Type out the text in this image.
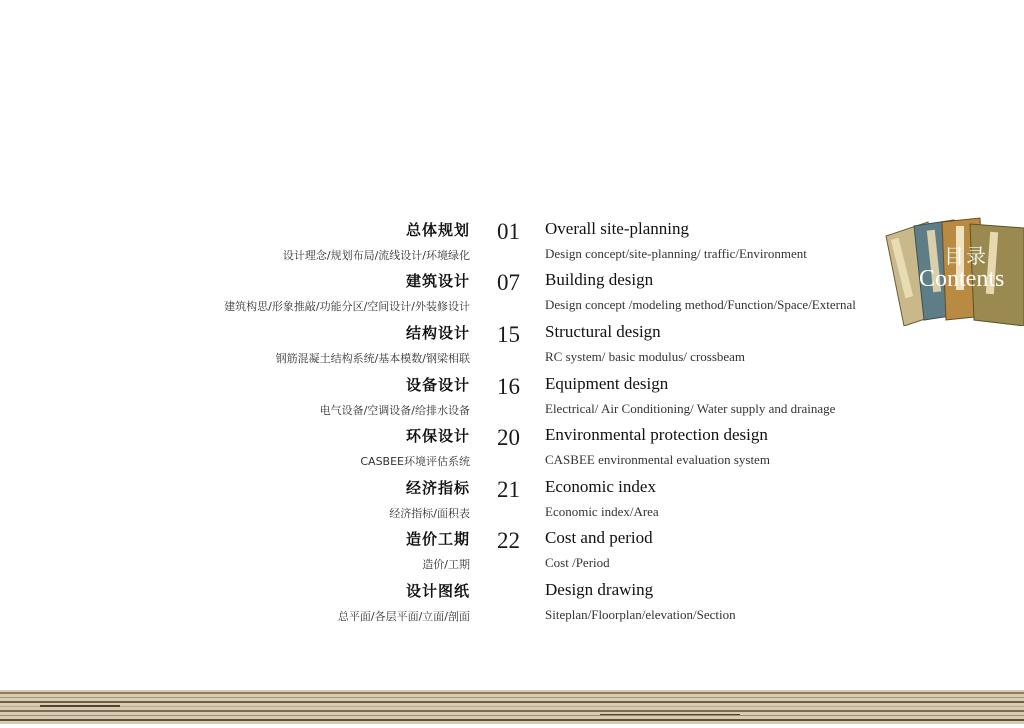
总体规划
设计理念/规划布局/流线设计/环境绿化
01 Overall site-planning
Design concept/site-planning/ traffic/Environment
建筑设计
建筑构思/形象推敲/功能分区/空间设计/外装修设计
07 Building design
Design concept /modeling method/Function/Space/External
结构设计
钢筋混凝土结构系统/基本模数/钢梁相联
15 Structural design
RC system/ basic modulus/ crossbeam
设备设计
电气设备/空调设备/给排水设备
16 Equipment design
Electrical/ Air Conditioning/ Water supply and drainage
环保设计
CASBEE环境评估系统
20 Environmental protection design
CASBEE environmental evaluation system
经济指标
经济指标/面积表
21 Economic index
Economic index/Area
造价工期
造价/工期
22 Cost and period
Cost /Period
设计图纸
总平面/各层平面/立面/剖面
Design drawing
Siteplan/Floorplan/elevation/Section
目录
Contents
